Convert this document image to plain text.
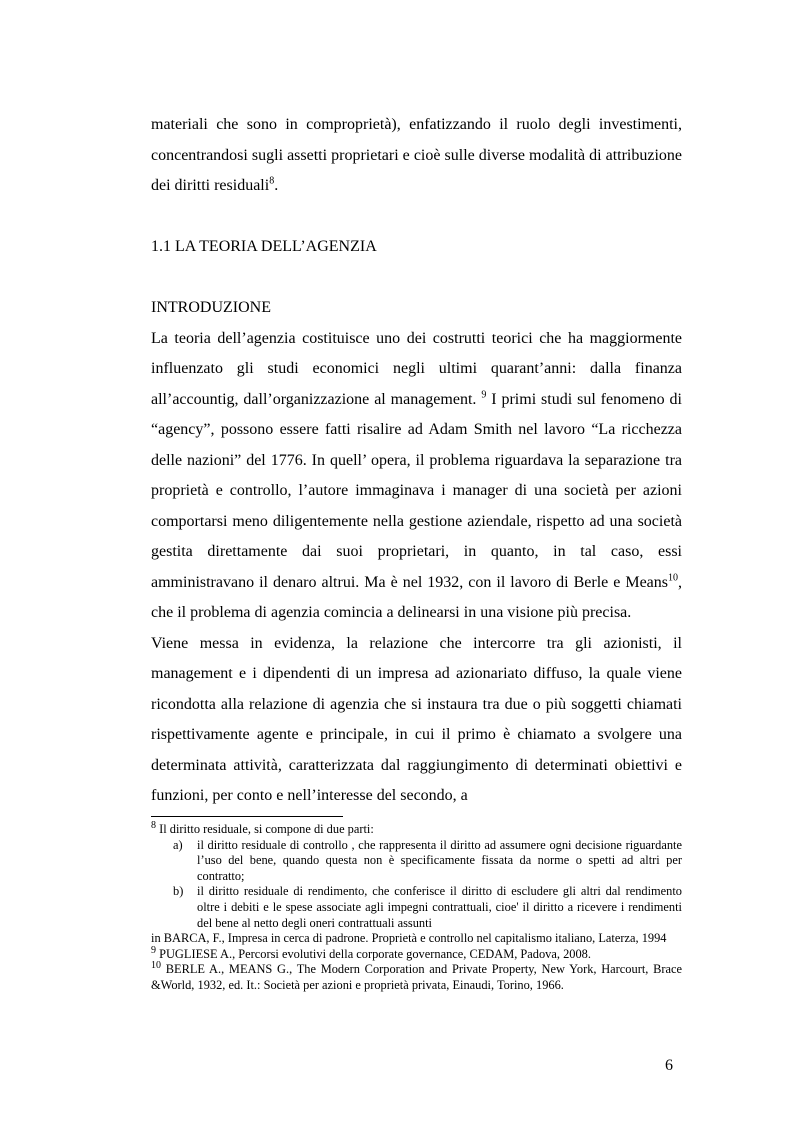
materiali che sono in comproprietà), enfatizzando il ruolo degli investimenti, concentrandosi sugli assetti proprietari e cioè sulle diverse modalità di attribuzione dei diritti residuali$^8$.

1.1 LA TEORIA DELL’AGENZIA

INTRODUZIONE

La teoria dell’agenzia costituisce uno dei costrutti teorici che ha maggiormente influenzato gli studi economici negli ultimi quarant’anni: dalla finanza all’accountig, dall’organizzazione al management. $^9$ I primi studi sul fenomeno di “agency”, possono essere fatti risalire ad Adam Smith nel lavoro “La ricchezza delle nazioni” del 1776. In quell’ opera, il problema riguardava la separazione tra proprietà e controllo, l’autore immaginava i manager di una società per azioni comportarsi meno diligentemente nella gestione aziendale, rispetto ad una società gestita direttamente dai suoi proprietari, in quanto, in tal caso, essi amministravano il denaro altrui. Ma è nel 1932, con il lavoro di Berle e Means$^{10}$, che il problema di agenzia comincia a delinearsi in una visione più precisa.

Viene messa in evidenza, la relazione che intercorre tra gli azionisti, il management e i dipendenti di un impresa ad azionariato diffuso, la quale viene ricondotta alla relazione di agenzia che si instaura tra due o più soggetti chiamati rispettivamente agente e principale, in cui il primo è chiamato a svolgere una determinata attività, caratterizzata dal raggiungimento di determinati obiettivi e funzioni, per conto e nell’interesse del secondo, a

$^8$ Il diritto residuale, si compone di due parti:

a)	il diritto residuale di controllo , che rappresenta il diritto ad assumere ogni decisione riguardante l’uso del bene, quando questa non è specificamente fissata da norme o spetti ad altri per contratto;
b)	il diritto residuale di rendimento, che conferisce il diritto di escludere gli altri dal rendimento oltre i debiti e le spese associate agli impegni contrattuali, cioe' il diritto a ricevere i rendimenti del bene al netto degli oneri contrattuali assunti

in BARCA, F., Impresa in cerca di padrone. Proprietà e controllo nel capitalismo italiano, Laterza, 1994

$^9$ PUGLIESE A., Percorsi evolutivi della corporate governance, CEDAM, Padova, 2008.

$^{10}$ BERLE A., MEANS G., The Modern Corporation and Private Property, New York, Harcourt, Brace &World, 1932, ed. It.: Società per azioni e proprietà privata, Einaudi, Torino, 1966.

6
